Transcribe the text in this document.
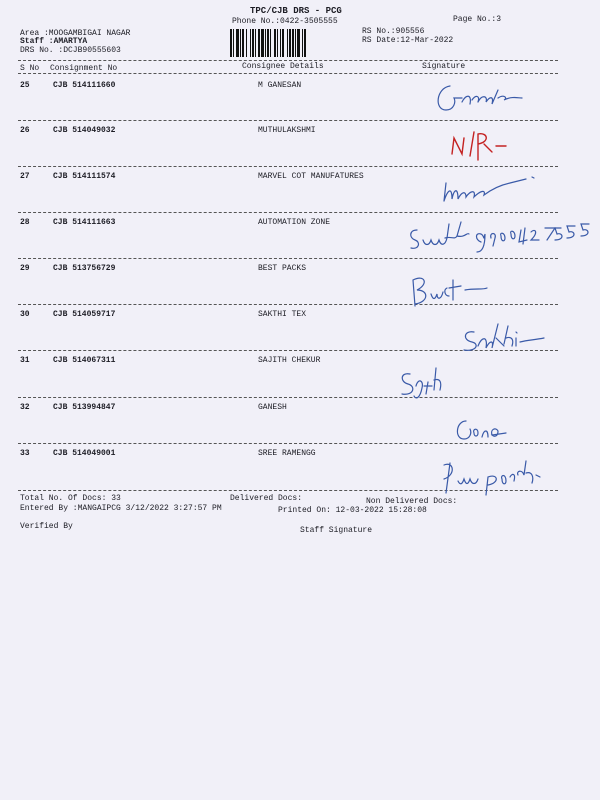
TPC/CJB DRS - PCG
Phone No.:0422-3505555	Page No.:3
Area :MOOGAMBIGAI NAGAR
Staff :AMARTYA
DRS No. :DCJB90555603
RS No.:905556
RS Date:12-Mar-2022
S No Consignment No	Consignee Details	Signature
25	CJB 514111660	M GANESAN
26	CJB 514049032	MUTHULAKSHMI
27	CJB 514111574	MARVEL COT MANUFATURES
28	CJB 514111663	AUTOMATION ZONE
29	CJB 513756729	BEST PACKS
30	CJB 514059717	SAKTHI TEX
31	CJB 514067311	SAJITH CHEKUR
32	CJB 513994847	GANESH
33	CJB 514049001	SREE RAMENGG
Total No. Of Docs: 33	Delivered Docs:	Non Delivered Docs:
Entered By :MANGAIPCG 3/12/2022 3:27:57 PM	Printed On: 12-03-2022 15:28:08
Verified By	Staff Signature
